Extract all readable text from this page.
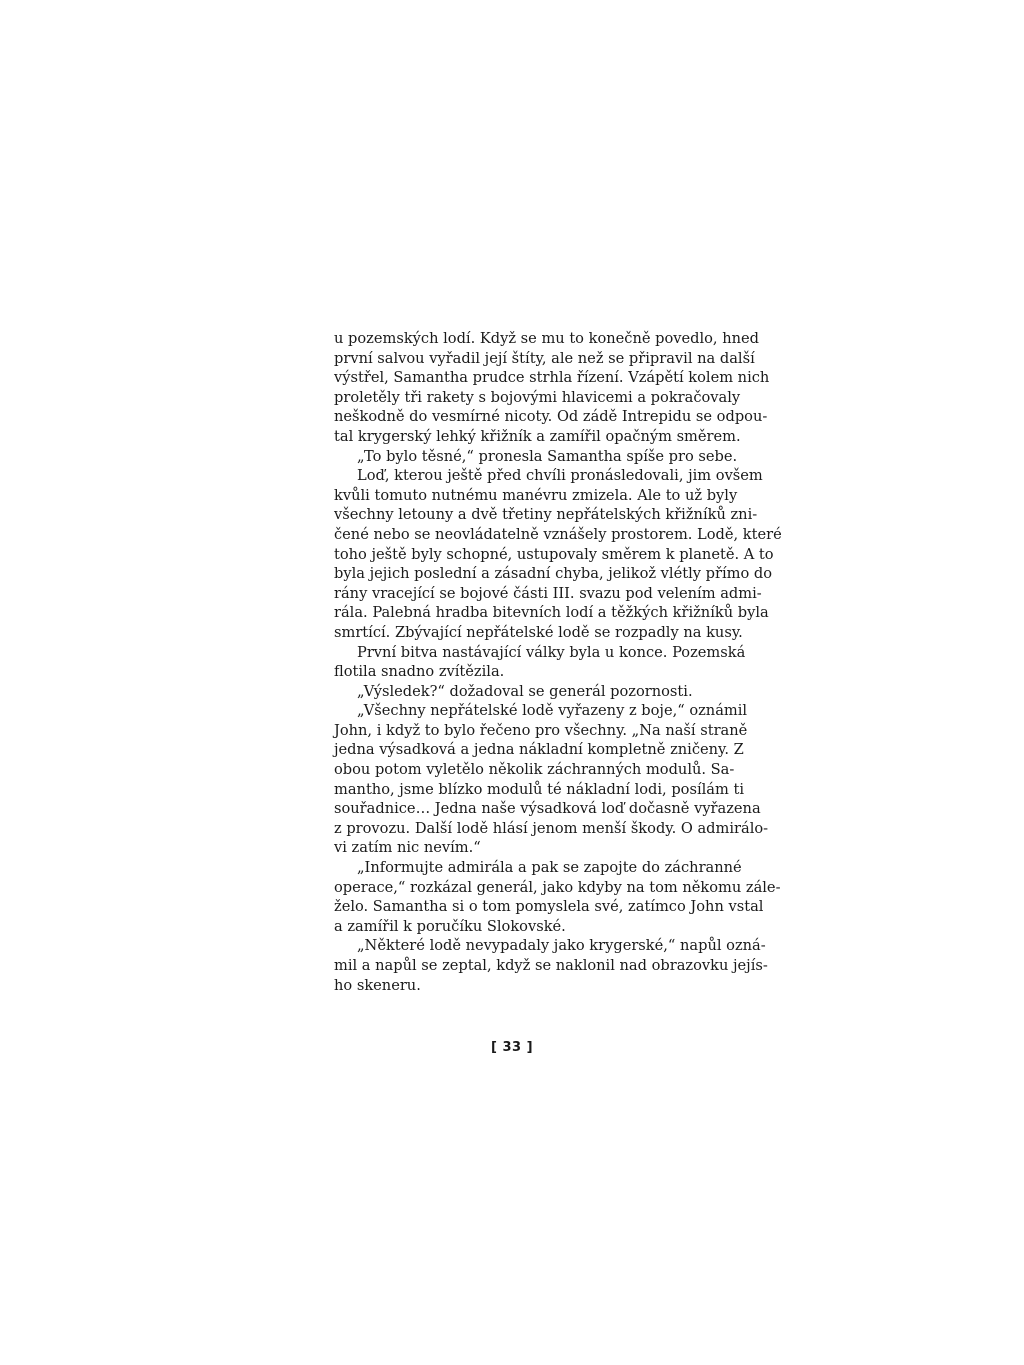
u pozemských lodí. Když se mu to konečně povedlo, hned
první salvou vyřadil její štíty, ale než se připravil na další
výstřel, Samantha prudce strhla řízení. Vzápětí kolem nich
proletěly tři rakety s bojovými hlavicemi a pokračovaly
neškodně do vesmírné nicoty. Od zádě Intrepidu se odpou-
tal krygerský lehký křižník a zamířil opačným směrem.
„To bylo těsné,“ pronesla Samantha spíše pro sebe.
Loď, kterou ještě před chvíli pronásledovali, jim ovšem
kvůli tomuto nutnému manévru zmizela. Ale to už byly
všechny letouny a dvě třetiny nepřátelských křižníků zni-
čené nebo se neovládatelně vznášely prostorem. Lodě, které
toho ještě byly schopné, ustupovaly směrem k planetě. A to
byla jejich poslední a zásadní chyba, jelikož vlétly přímo do
rány vracející se bojové části III. svazu pod velením admi-
rála. Palebná hradba bitevních lodí a těžkých křižníků byla
smrtící. Zbývající nepřátelské lodě se rozpadly na kusy.
První bitva nastávající války byla u konce. Pozemská
flotila snadno zvítězila.
„Výsledek?“ dožadoval se generál pozornosti.
„Všechny nepřátelské lodě vyřazeny z boje,“ oznámil
John, i když to bylo řečeno pro všechny. „Na naší straně
jedna výsadková a jedna nákladní kompletně zničeny. Z
obou potom vyletělo několik záchranných modulů. Sa-
mantho, jsme blízko modulů té nákladní lodi, posílám ti
souřadnice… Jedna naše výsadková loď dočasně vyřazena
z provozu. Další lodě hlásí jenom menší škody. O admirálo-
vi zatím nic nevím.“
„Informujte admirála a pak se zapojte do záchranné
operace,“ rozkázal generál, jako kdyby na tom někomu zále-
želo. Samantha si o tom pomyslela své, zatímco John vstal
a zamířil k poručíku Slokovské.
„Některé lodě nevypadaly jako krygerské,“ napůl ozná-
mil a napůl se zeptal, když se naklonil nad obrazovku jejís-
ho skeneru.
[ 33 ]
